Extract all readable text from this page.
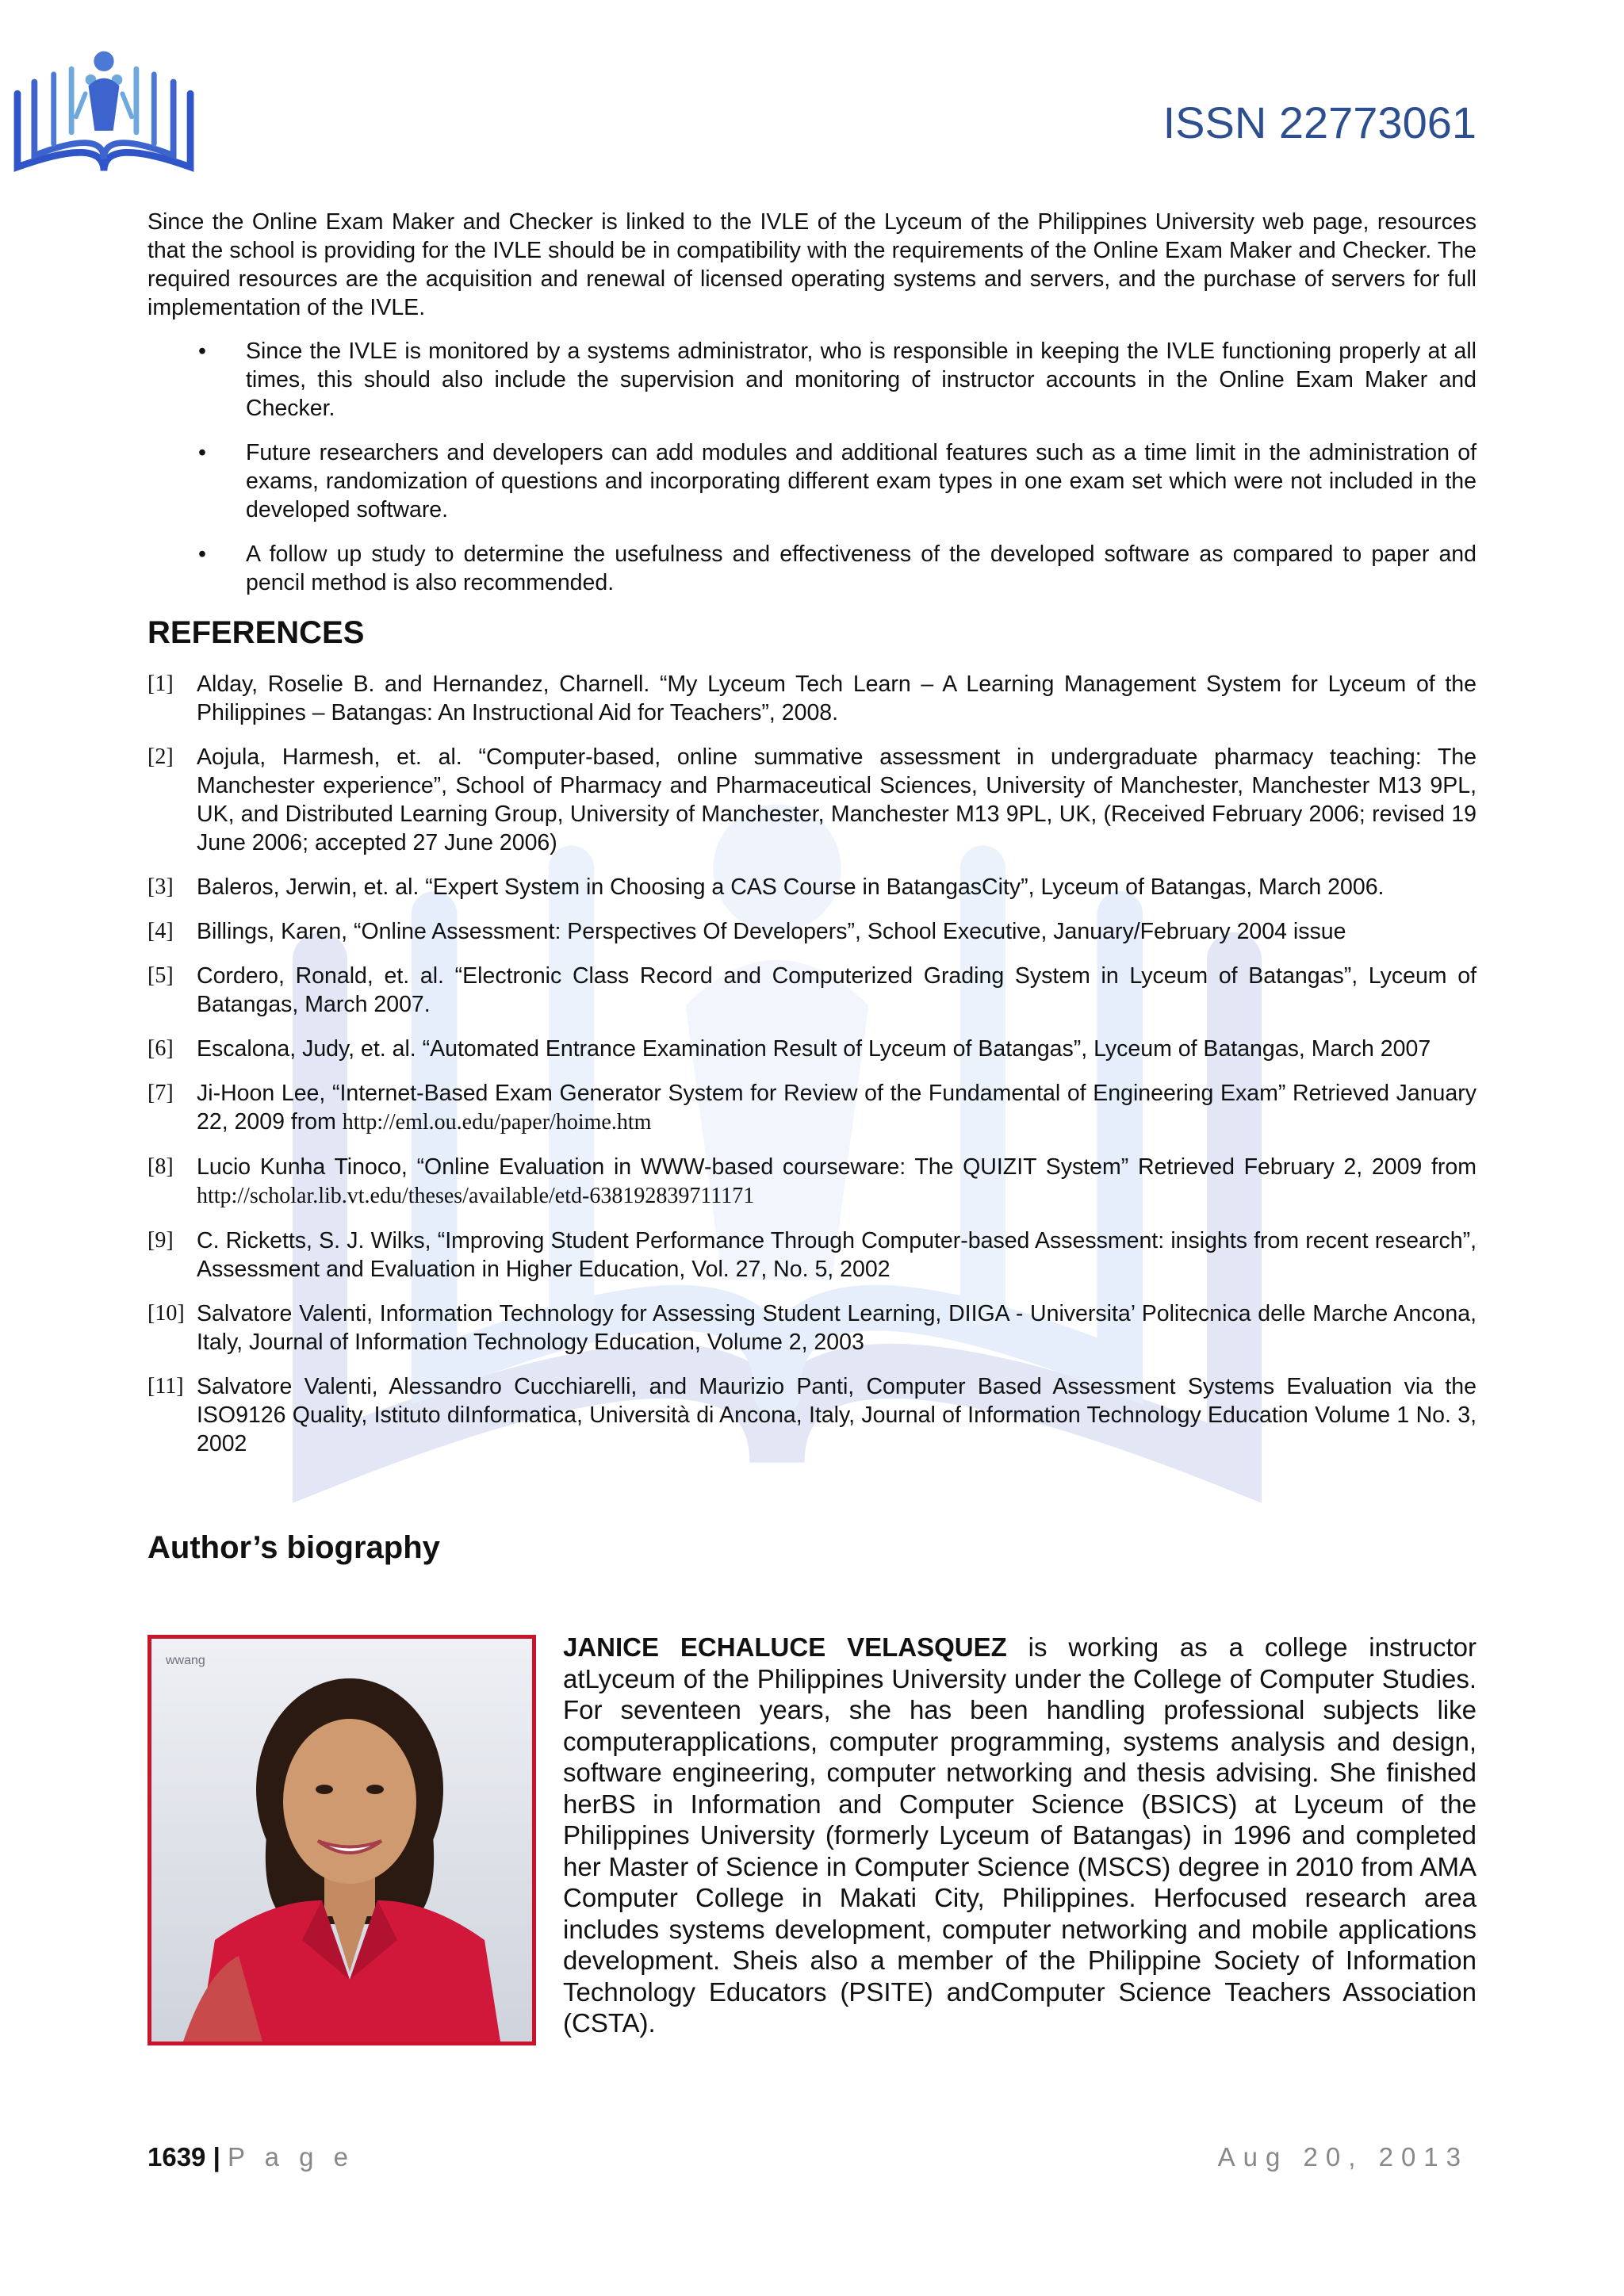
ISSN 22773061
Since the Online Exam Maker and Checker is linked to the IVLE of the Lyceum of the Philippines University web page, resources that the school is providing for the IVLE should be in compatibility with the requirements of the Online Exam Maker and Checker. The required resources are the acquisition and renewal of licensed operating systems and servers, and the purchase of servers for full implementation of the IVLE.
• Since the IVLE is monitored by a systems administrator, who is responsible in keeping the IVLE functioning properly at all times, this should also include the supervision and monitoring of instructor accounts in the Online Exam Maker and Checker.
• Future researchers and developers can add modules and additional features such as a time limit in the administration of exams, randomization of questions and incorporating different exam types in one exam set which were not included in the developed software.
• A follow up study to determine the usefulness and effectiveness of the developed software as compared to paper and pencil method is also recommended.
REFERENCES
[1] Alday, Roselie B. and Hernandez, Charnell. “My Lyceum Tech Learn – A Learning Management System for Lyceum of the Philippines – Batangas: An Instructional Aid for Teachers”, 2008.
[2] Aojula, Harmesh, et. al. “Computer-based, online summative assessment in undergraduate pharmacy teaching: The Manchester experience”, School of Pharmacy and Pharmaceutical Sciences, University of Manchester, Manchester M13 9PL, UK, and Distributed Learning Group, University of Manchester, Manchester M13 9PL, UK, (Received February 2006; revised 19 June 2006; accepted 27 June 2006)
[3] Baleros, Jerwin, et. al. “Expert System in Choosing a CAS Course in BatangasCity”, Lyceum of Batangas, March 2006.
[4] Billings, Karen, “Online Assessment: Perspectives Of Developers”, School Executive, January/February 2004 issue
[5] Cordero, Ronald, et. al. “Electronic Class Record and Computerized Grading System in Lyceum of Batangas”, Lyceum of Batangas, March 2007.
[6] Escalona, Judy, et. al. “Automated Entrance Examination Result of Lyceum of Batangas”, Lyceum of Batangas, March 2007
[7] Ji-Hoon Lee, “Internet-Based Exam Generator System for Review of the Fundamental of Engineering Exam” Retrieved January 22, 2009 from http://eml.ou.edu/paper/hoime.htm
[8] Lucio Kunha Tinoco, “Online Evaluation in WWW-based courseware: The QUIZIT System” Retrieved February 2, 2009 from http://scholar.lib.vt.edu/theses/available/etd-638192839711171
[9] C. Ricketts, S. J. Wilks, “Improving Student Performance Through Computer-based Assessment: insights from recent research”, Assessment and Evaluation in Higher Education, Vol. 27, No. 5, 2002
[10] Salvatore Valenti, Information Technology for Assessing Student Learning, DIIGA - Universita’ Politecnica delle Marche Ancona, Italy, Journal of Information Technology Education, Volume 2, 2003
[11] Salvatore Valenti, Alessandro Cucchiarelli, and Maurizio Panti, Computer Based Assessment Systems Evaluation via the ISO9126 Quality, Istituto diInformatica, Università di Ancona, Italy, Journal of Information Technology Education Volume 1 No. 3, 2002
Author’s biography
wwang	JANICE ECHALUCE VELASQUEZ is working as a college instructor atLyceum of the Philippines University under the College of Computer Studies. For seventeen years, she has been handling professional subjects like computerapplications, computer programming, systems analysis and design, software engineering, computer networking and thesis advising. She finished herBS in Information and Computer Science (BSICS) at Lyceum of the Philippines University (formerly Lyceum of Batangas) in 1996 and completed her Master of Science in Computer Science (MSCS) degree in 2010 from AMA Computer College in Makati City, Philippines. Herfocused research area includes systems development, computer networking and mobile applications development. Sheis also a member of the Philippine Society of Information Technology Educators (PSITE) andComputer Science Teachers Association (CSTA).
1639 | P a g e	Aug 20, 2013
